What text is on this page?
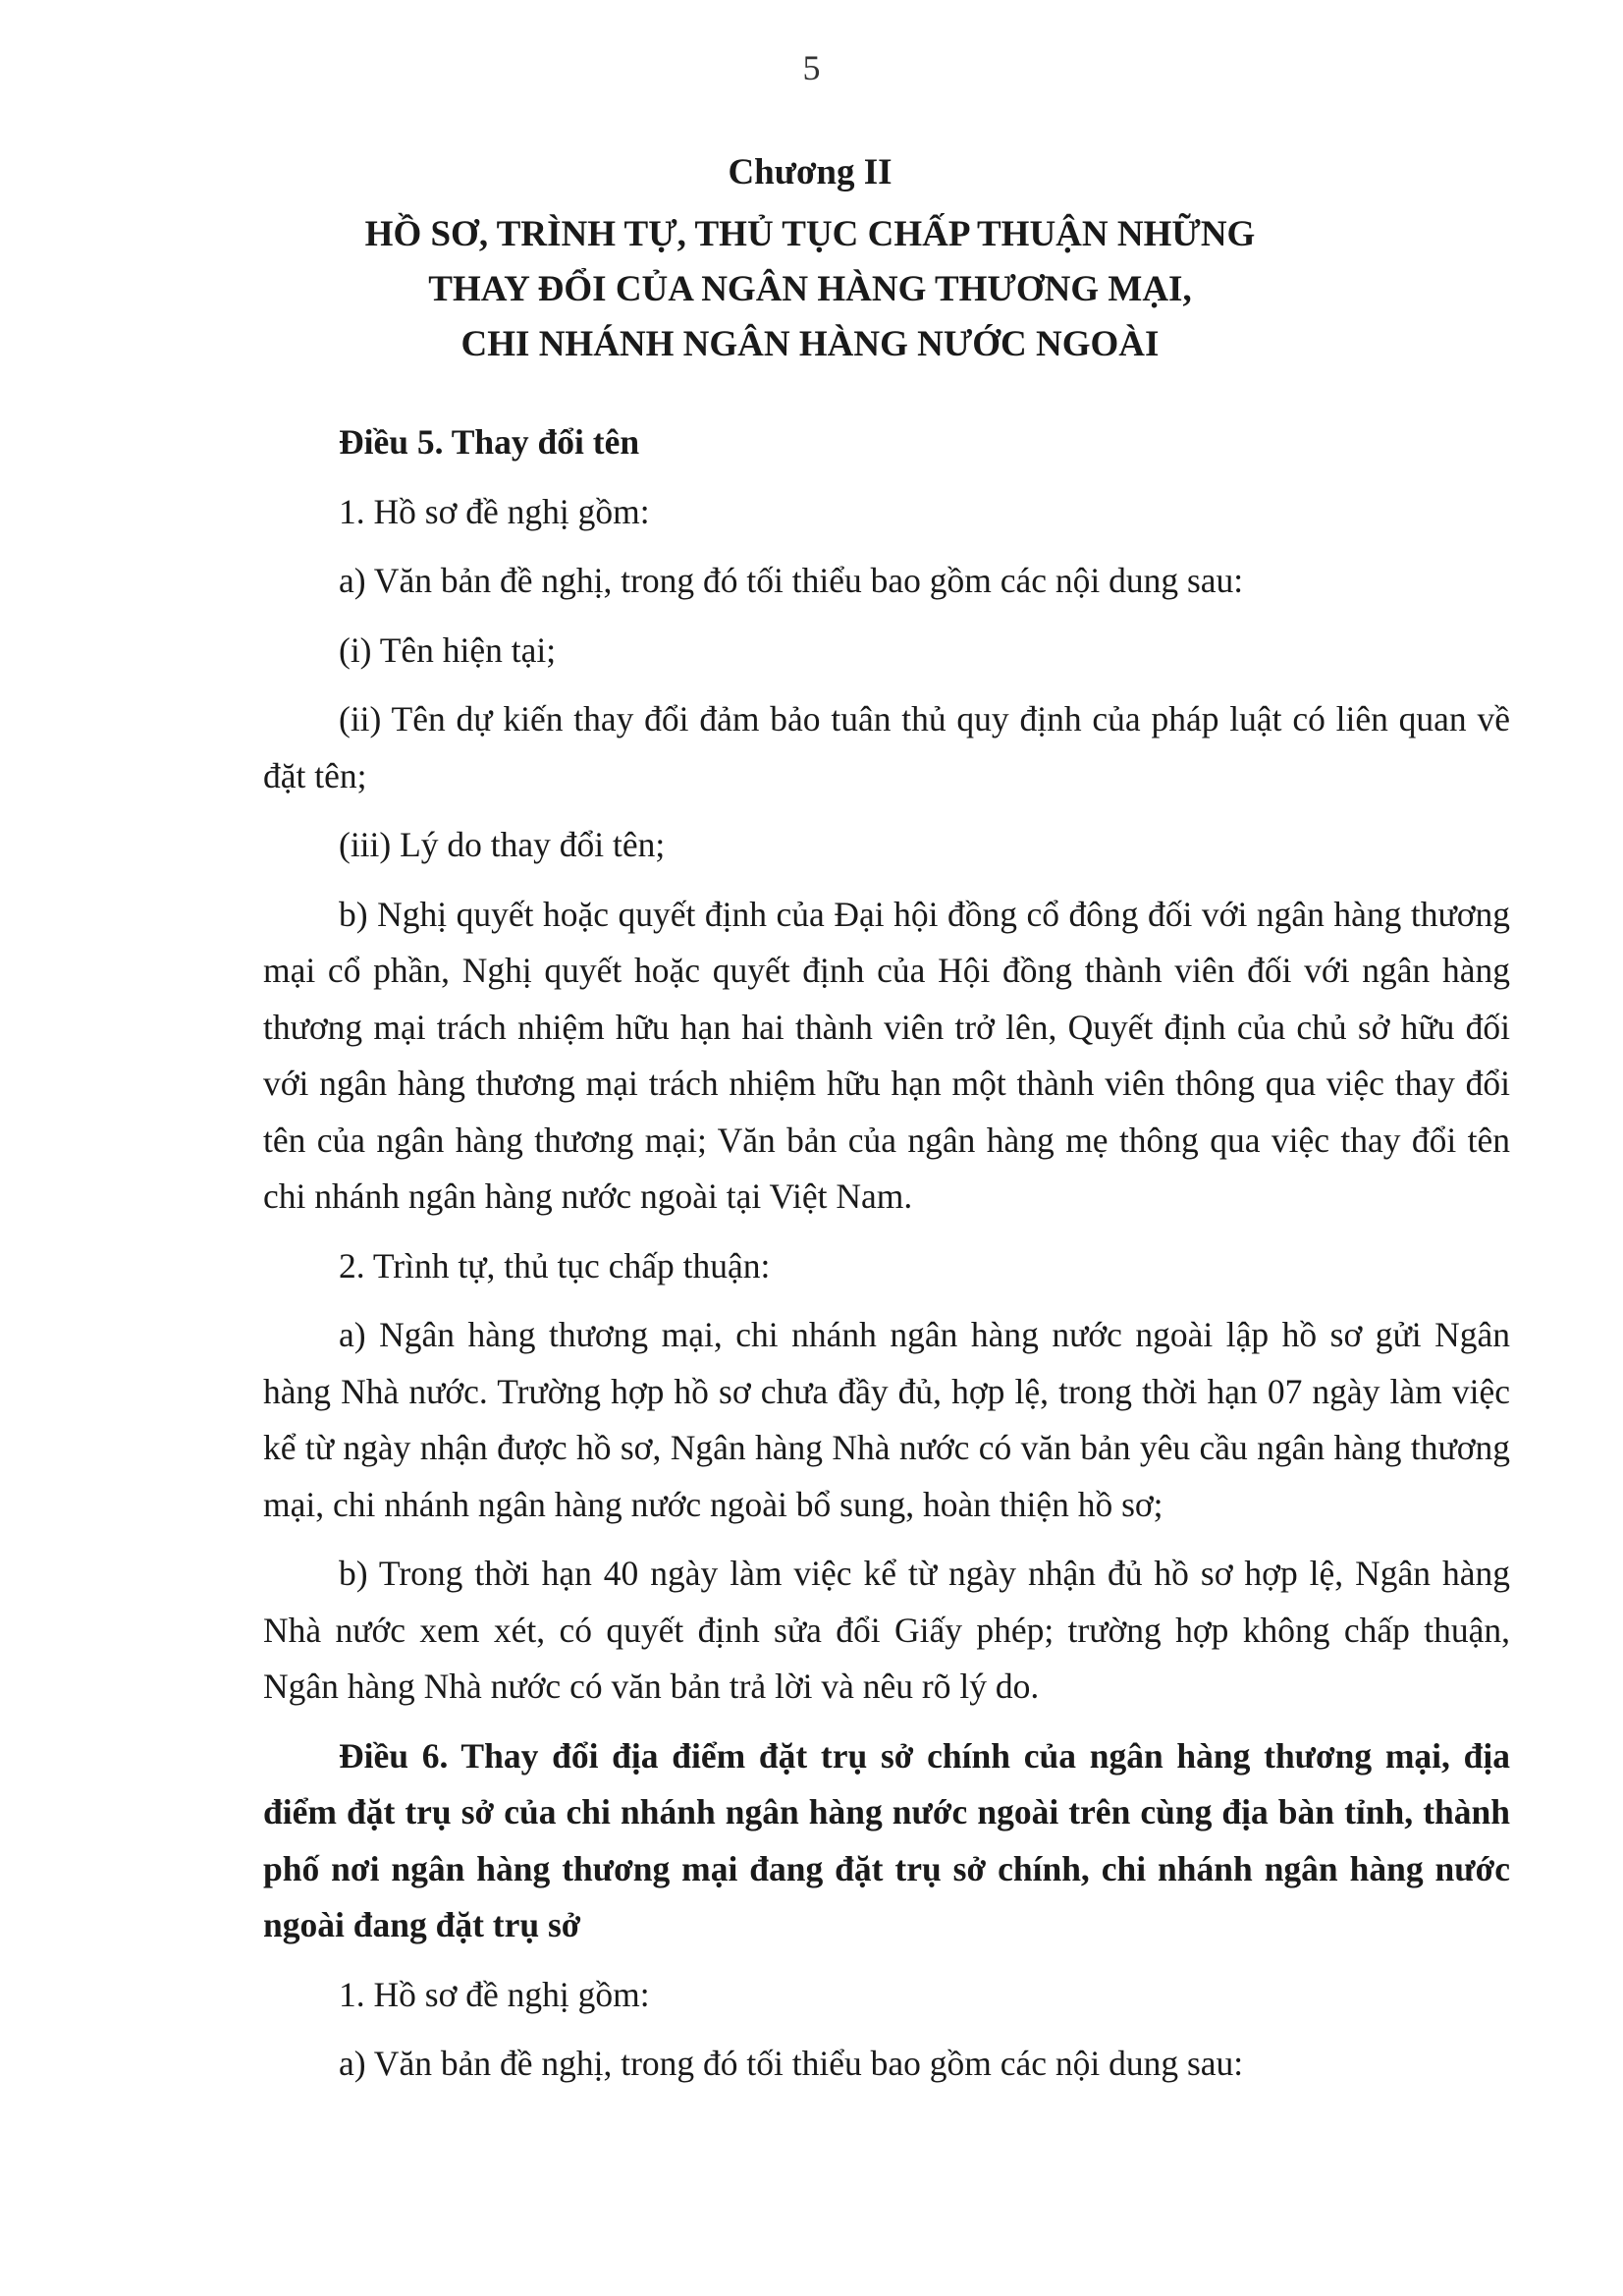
5
Chương II
HỒ SƠ, TRÌNH TỰ, THỦ TỤC CHẤP THUẬN NHỮNG
THAY ĐỔI CỦA NGÂN HÀNG THƯƠNG MẠI,
CHI NHÁNH NGÂN HÀNG NƯỚC NGOÀI

Điều 5. Thay đổi tên

1. Hồ sơ đề nghị gồm:

a) Văn bản đề nghị, trong đó tối thiểu bao gồm các nội dung sau:

(i) Tên hiện tại;

(ii) Tên dự kiến thay đổi đảm bảo tuân thủ quy định của pháp luật có liên quan về đặt tên;

(iii) Lý do thay đổi tên;

b) Nghị quyết hoặc quyết định của Đại hội đồng cổ đông đối với ngân hàng thương mại cổ phần, Nghị quyết hoặc quyết định của Hội đồng thành viên đối với ngân hàng thương mại trách nhiệm hữu hạn hai thành viên trở lên, Quyết định của chủ sở hữu đối với ngân hàng thương mại trách nhiệm hữu hạn một thành viên thông qua việc thay đổi tên của ngân hàng thương mại; Văn bản của ngân hàng mẹ thông qua việc thay đổi tên chi nhánh ngân hàng nước ngoài tại Việt Nam.

2. Trình tự, thủ tục chấp thuận:

a) Ngân hàng thương mại, chi nhánh ngân hàng nước ngoài lập hồ sơ gửi Ngân hàng Nhà nước. Trường hợp hồ sơ chưa đầy đủ, hợp lệ, trong thời hạn 07 ngày làm việc kể từ ngày nhận được hồ sơ, Ngân hàng Nhà nước có văn bản yêu cầu ngân hàng thương mại, chi nhánh ngân hàng nước ngoài bổ sung, hoàn thiện hồ sơ;

b) Trong thời hạn 40 ngày làm việc kể từ ngày nhận đủ hồ sơ hợp lệ, Ngân hàng Nhà nước xem xét, có quyết định sửa đổi Giấy phép; trường hợp không chấp thuận, Ngân hàng Nhà nước có văn bản trả lời và nêu rõ lý do.

Điều 6. Thay đổi địa điểm đặt trụ sở chính của ngân hàng thương mại, địa điểm đặt trụ sở của chi nhánh ngân hàng nước ngoài trên cùng địa bàn tỉnh, thành phố nơi ngân hàng thương mại đang đặt trụ sở chính, chi nhánh ngân hàng nước ngoài đang đặt trụ sở

1. Hồ sơ đề nghị gồm:

a) Văn bản đề nghị, trong đó tối thiểu bao gồm các nội dung sau:
